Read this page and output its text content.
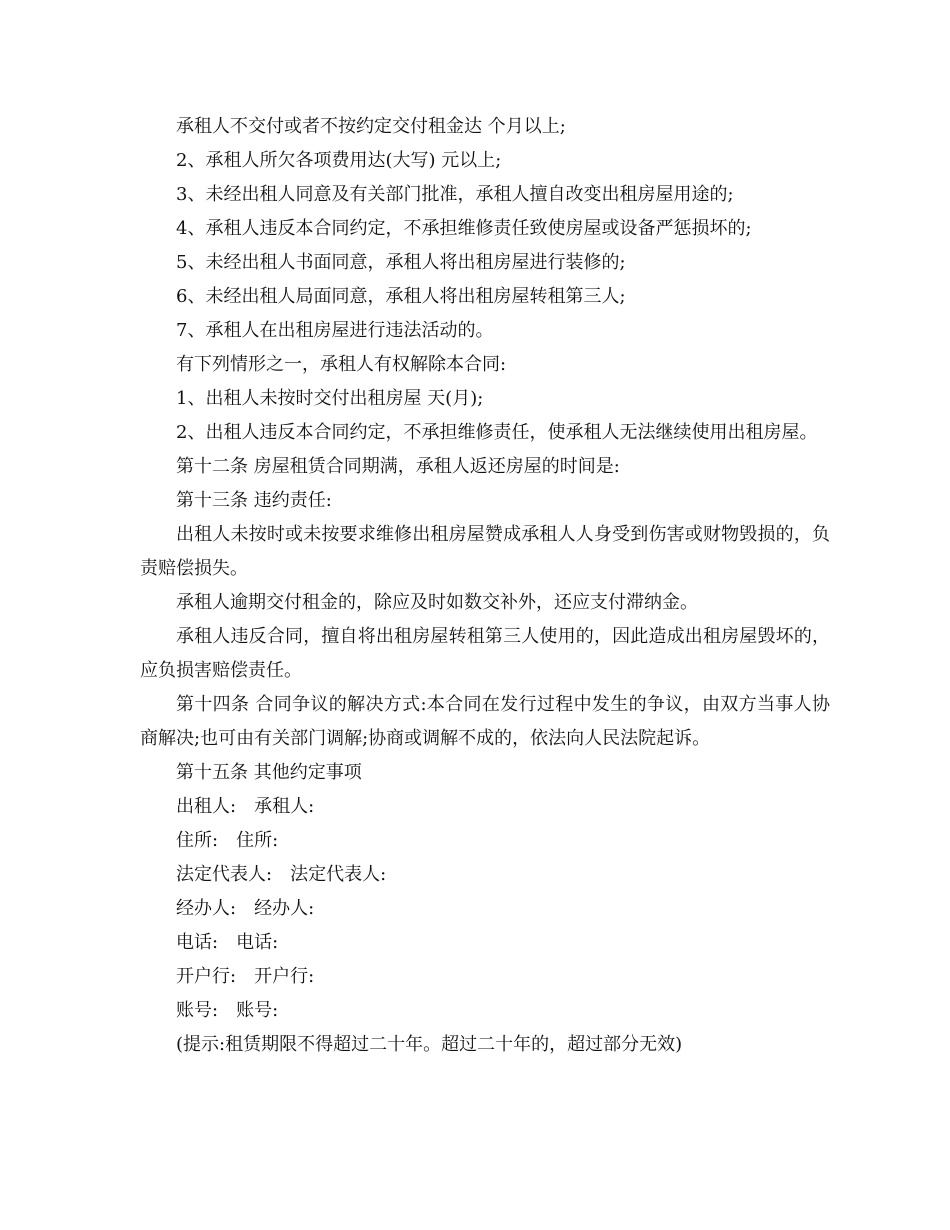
承租人不交付或者不按约定交付租金达 个月以上;

2、承租人所欠各项费用达(大写) 元以上;

3、未经出租人同意及有关部门批准，承租人擅自改变出租房屋用途的;

4、承租人违反本合同约定，不承担维修责任致使房屋或设备严惩损坏的;

5、未经出租人书面同意，承租人将出租房屋进行装修的;

6、未经出租人局面同意，承租人将出租房屋转租第三人;

7、承租人在出租房屋进行违法活动的。

有下列情形之一，承租人有权解除本合同:

1、出租人未按时交付出租房屋 天(月);

2、出租人违反本合同约定，不承担维修责任，使承租人无法继续使用出租房屋。

第十二条 房屋租赁合同期满，承租人返还房屋的时间是:

第十三条 违约责任:

出租人未按时或未按要求维修出租房屋赞成承租人人身受到伤害或财物毁损的，负责赔偿损失。

承租人逾期交付租金的，除应及时如数交补外，还应支付滞纳金。

承租人违反合同，擅自将出租房屋转租第三人使用的，因此造成出租房屋毁坏的，应负损害赔偿责任。

第十四条 合同争议的解决方式:本合同在发行过程中发生的争议，由双方当事人协商解决;也可由有关部门调解;协商或调解不成的，依法向人民法院起诉。

第十五条 其他约定事项

出租人:　承租人:

住所:　住所:

法定代表人:　法定代表人:

经办人:　经办人:

电话:　电话:

开户行:　开户行:

账号:　账号:

(提示:租赁期限不得超过二十年。超过二十年的，超过部分无效)
